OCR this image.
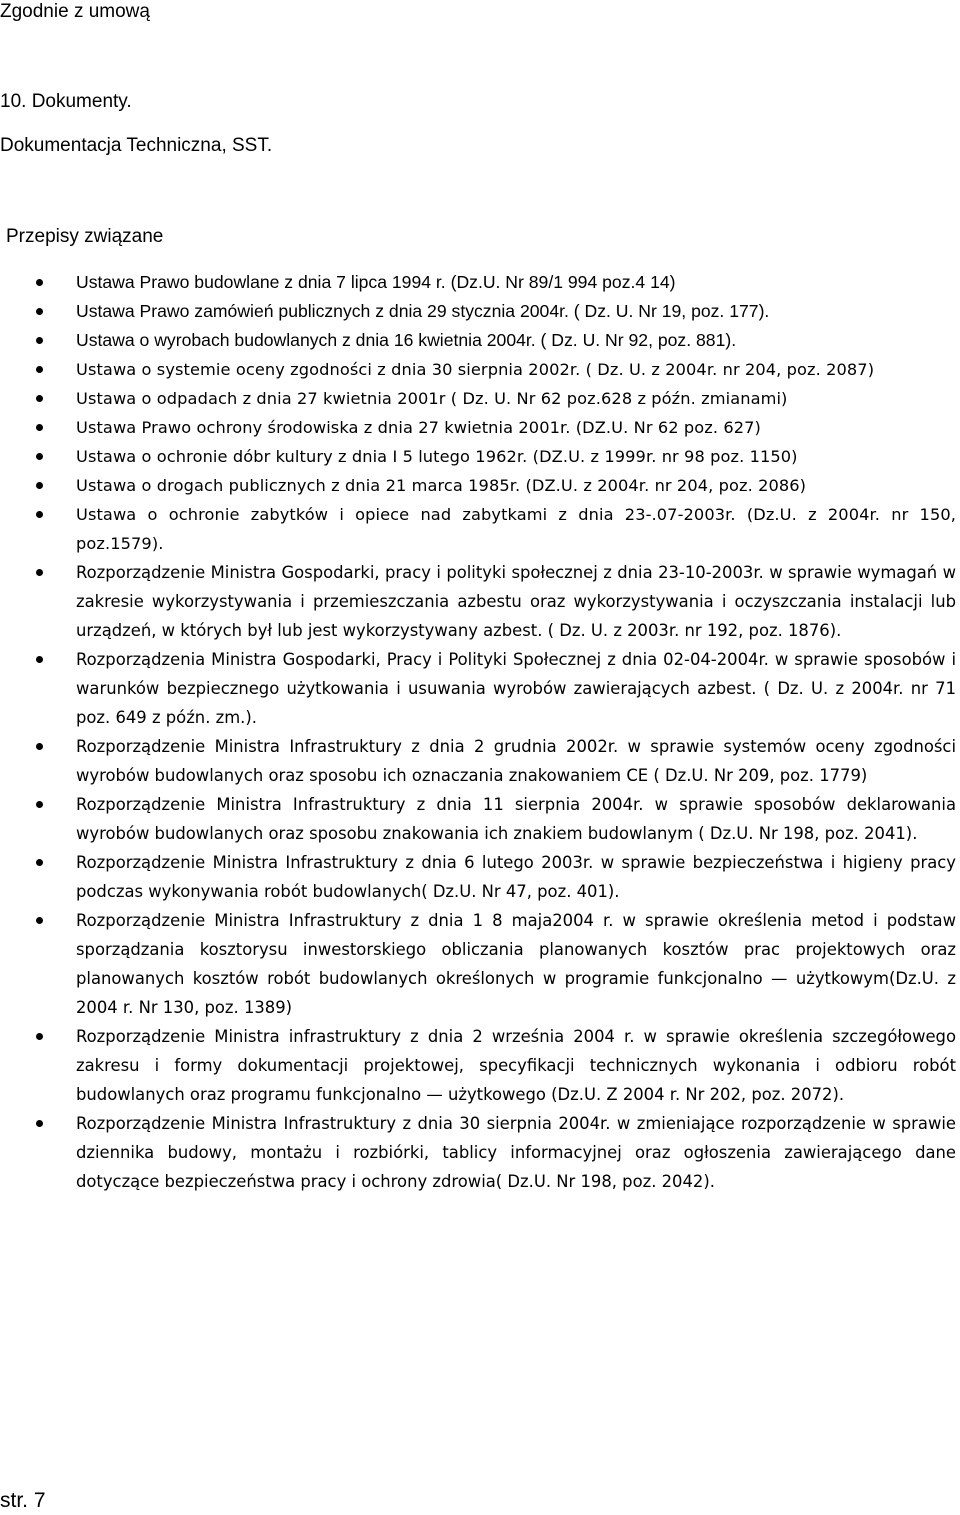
Zgodnie z umową
10. Dokumenty.
Dokumentacja Techniczna, SST.
Przepisy związane
Ustawa Prawo budowlane z dnia 7 lipca 1994 r. (Dz.U. Nr 89/1 994 poz.4 14)
Ustawa Prawo zamówień publicznych z dnia 29 stycznia 2004r. ( Dz. U. Nr 19, poz. 177).
Ustawa o wyrobach budowlanych z dnia 16 kwietnia 2004r. ( Dz. U. Nr 92, poz. 881).
Ustawa o systemie oceny zgodności z dnia 30 sierpnia 2002r. ( Dz. U. z 2004r. nr 204, poz. 2087)
Ustawa o odpadach z dnia 27 kwietnia 2001r ( Dz. U. Nr 62 poz.628 z późn. zmianami)
Ustawa Prawo ochrony środowiska z dnia 27 kwietnia 2001r. (DZ.U. Nr 62 poz. 627)
Ustawa o ochronie dóbr kultury z dnia I 5 lutego 1962r. (DZ.U. z 1999r. nr 98 poz. 1150)
Ustawa o drogach publicznych z dnia 21 marca 1985r. (DZ.U. z 2004r. nr 204, poz. 2086)
Ustawa o ochronie zabytków i opiece nad zabytkami z dnia 23-.07-2003r. (Dz.U. z 2004r. nr 150, poz.1579).
Rozporządzenie Ministra Gospodarki, pracy i polityki społecznej z dnia 23-10-2003r. w sprawie wymagań w zakresie wykorzystywania i przemieszczania azbestu oraz wykorzystywania i oczyszczania instalacji lub urządzeń, w których był lub jest wykorzystywany azbest. ( Dz. U. z 2003r. nr 192, poz. 1876).
Rozporządzenia Ministra Gospodarki, Pracy i Polityki Społecznej z dnia 02-04-2004r. w sprawie sposobów i warunków bezpiecznego użytkowania i usuwania wyrobów zawierających azbest. ( Dz. U. z 2004r. nr 71 poz. 649 z późn. zm.).
Rozporządzenie Ministra Infrastruktury z dnia 2 grudnia 2002r. w sprawie systemów oceny zgodności wyrobów budowlanych oraz sposobu ich oznaczania znakowaniem CE ( Dz.U. Nr 209, poz. 1779)
Rozporządzenie Ministra Infrastruktury z dnia 11 sierpnia 2004r. w sprawie sposobów deklarowania wyrobów budowlanych oraz sposobu znakowania ich znakiem budowlanym ( Dz.U. Nr 198, poz. 2041).
Rozporządzenie Ministra Infrastruktury z dnia 6 lutego 2003r. w sprawie bezpieczeństwa i higieny pracy podczas wykonywania robót budowlanych( Dz.U. Nr 47, poz. 401).
Rozporządzenie Ministra Infrastruktury z dnia 1 8 maja2004 r. w sprawie określenia metod i podstaw sporządzania kosztorysu inwestorskiego obliczania planowanych kosztów prac projektowych oraz planowanych kosztów robót budowlanych określonych w programie funkcjonalno — użytkowym(Dz.U. z 2004 r. Nr 130, poz. 1389)
Rozporządzenie Ministra infrastruktury z dnia 2 września 2004 r. w sprawie określenia szczegółowego zakresu i formy dokumentacji projektowej, specyfikacji technicznych wykonania i odbioru robót budowlanych oraz programu funkcjonalno — użytkowego (Dz.U. Z 2004 r. Nr 202, poz. 2072).
Rozporządzenie Ministra Infrastruktury z dnia 30 sierpnia 2004r. w zmieniające rozporządzenie w sprawie dziennika budowy, montażu i rozbiórki, tablicy informacyjnej oraz ogłoszenia zawierającego dane dotyczące bezpieczeństwa pracy i ochrony zdrowia( Dz.U. Nr 198, poz. 2042).
str. 7
